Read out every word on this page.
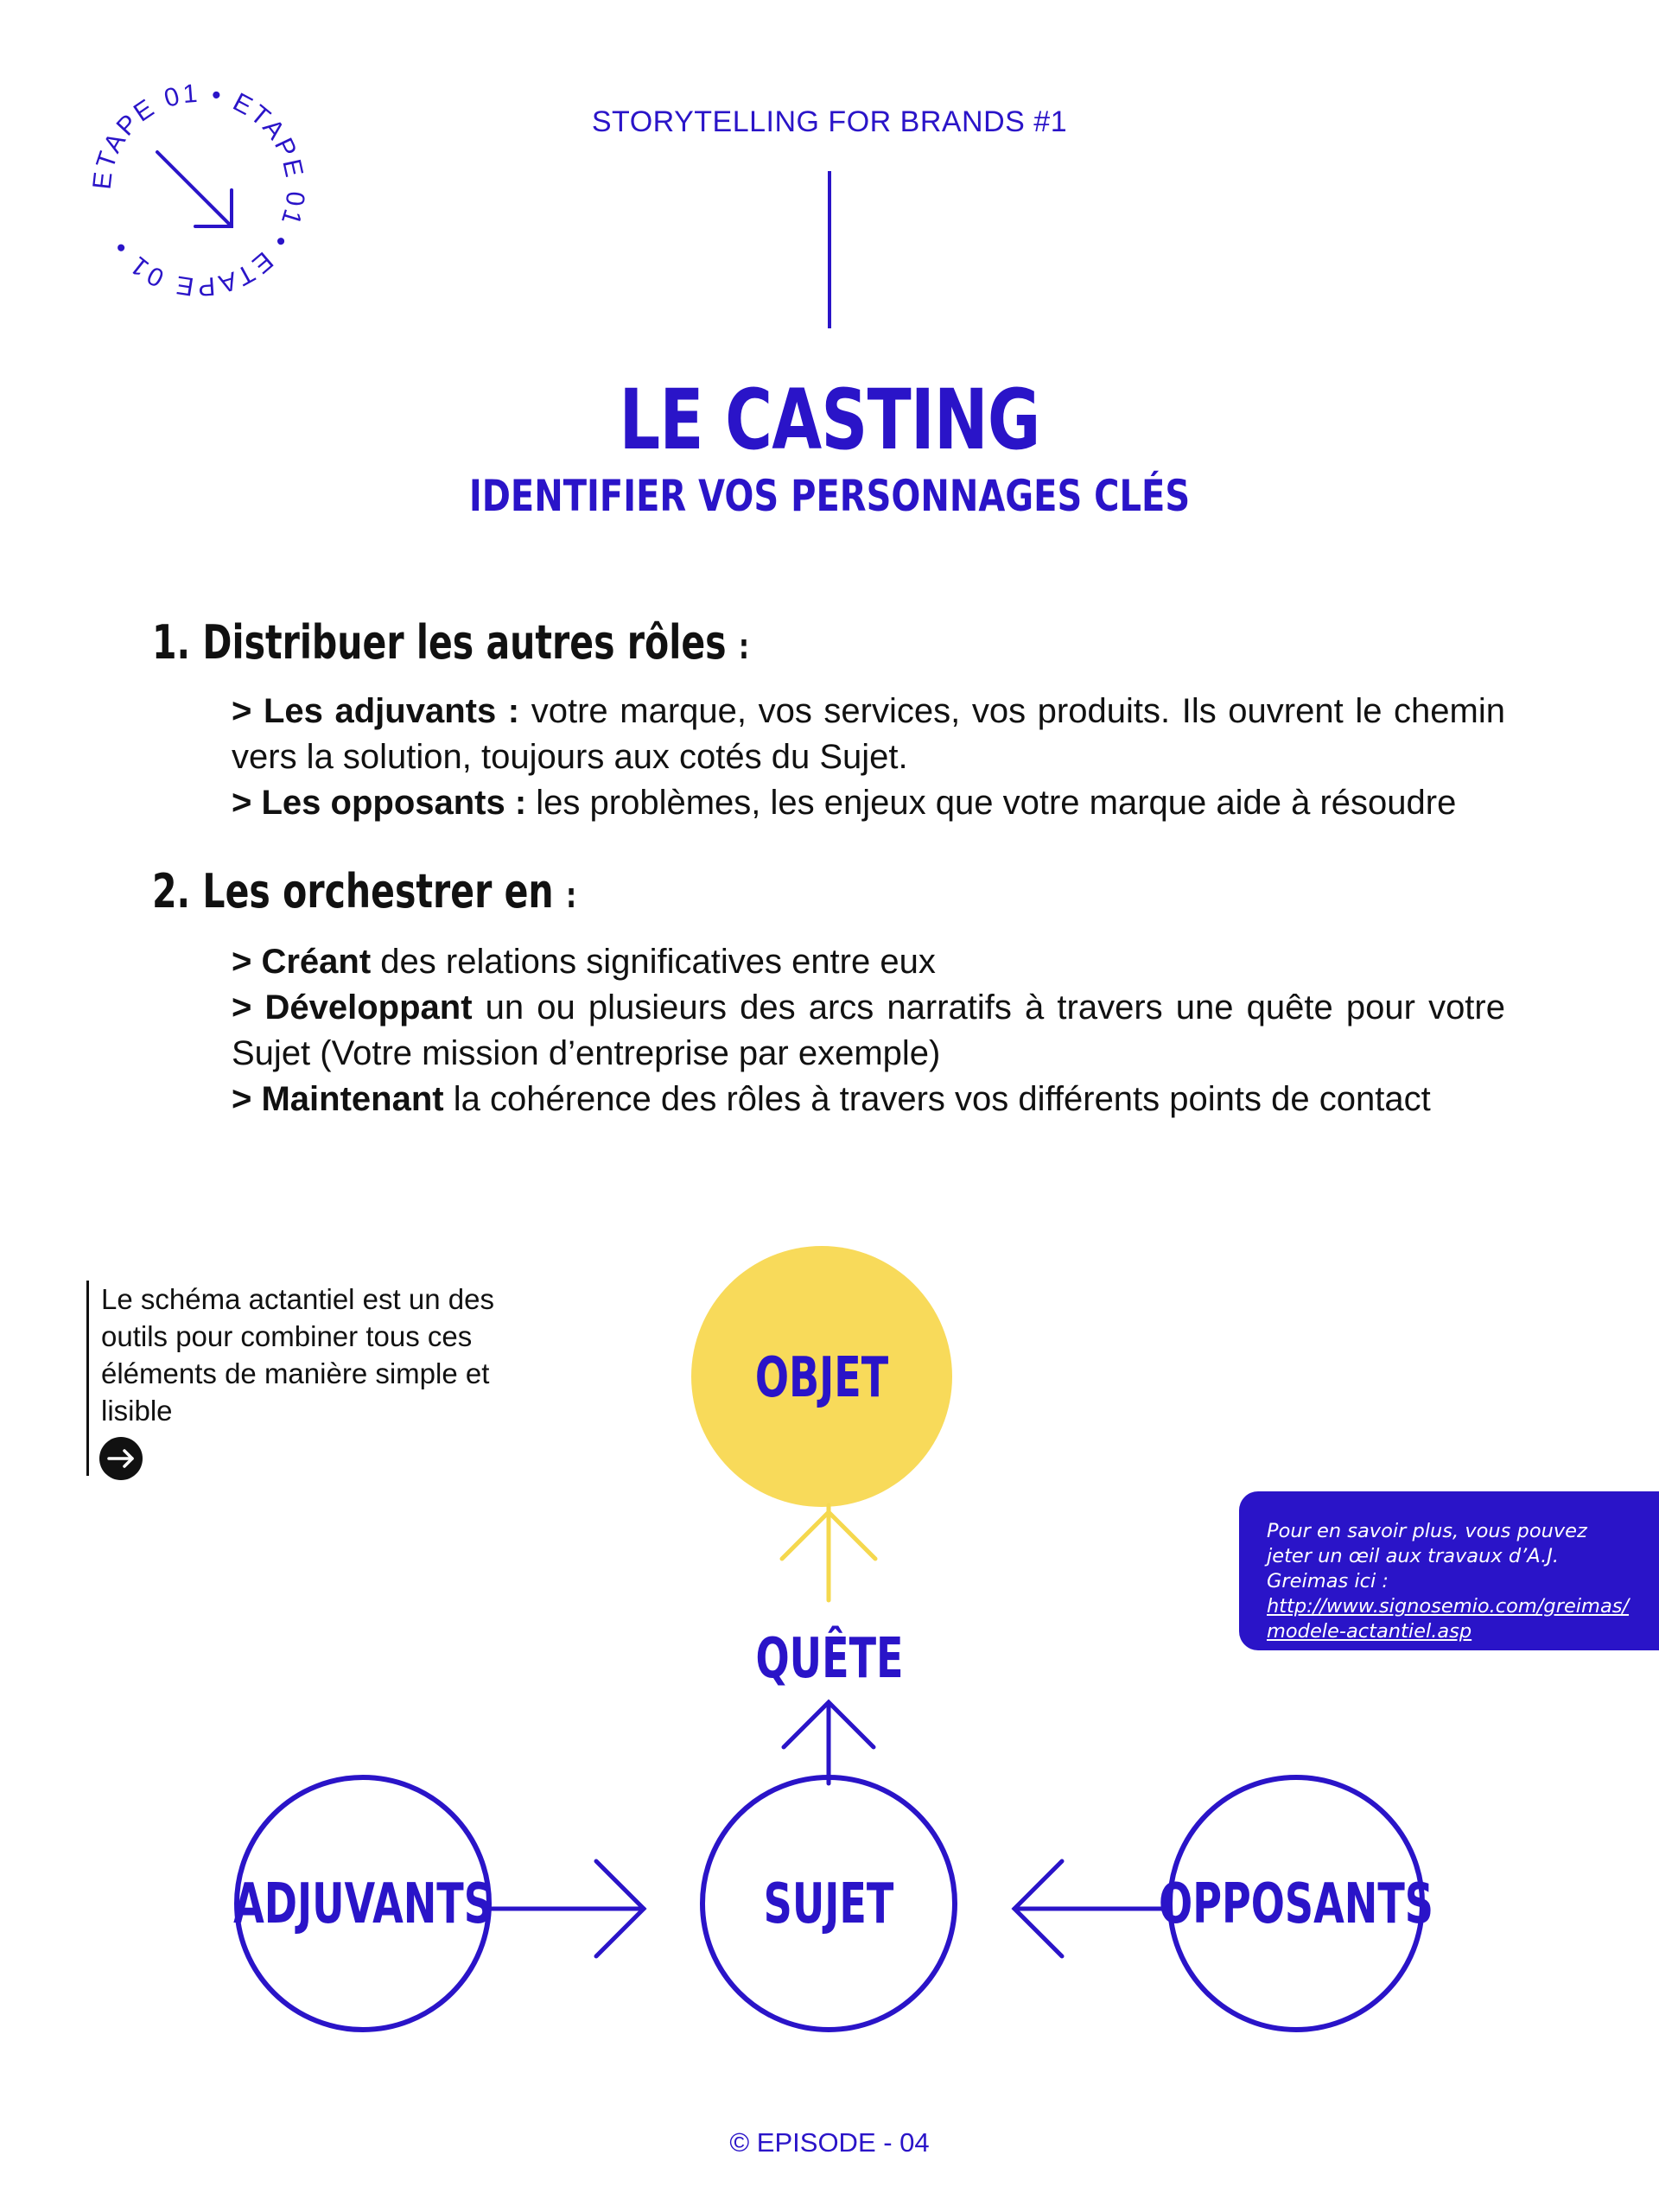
ETAPE 01 • ETAPE 01 • ETAPE 01 •
STORYTELLING FOR BRANDS #1
LE CASTING
IDENTIFIER VOS PERSONNAGES CLÉS
1. Distribuer les autres rôles :
> Les adjuvants : votre marque, vos services, vos produits. Ils ouvrent le chemin vers la solution, toujours aux cotés du Sujet.
> Les opposants : les problèmes, les enjeux que votre marque aide à résoudre
2. Les orchestrer en :
> Créant des relations significatives entre eux
> Développant un ou plusieurs des arcs narratifs à travers une quête pour votre Sujet (Votre mission d’entreprise par exemple)
> Maintenant la cohérence des rôles à travers vos différents points de contact
Le schéma actantiel est un des outils pour combiner tous ces éléments de manière simple et lisible
OBJET
QUÊTE
ADJUVANTS	SUJET	OPPOSANTS
Pour en savoir plus, vous pouvez jeter un œil aux travaux d’A.J. Greimas ici :
http://www.signosemio.com/greimas/
modele-actantiel.asp
© EPISODE - 04
